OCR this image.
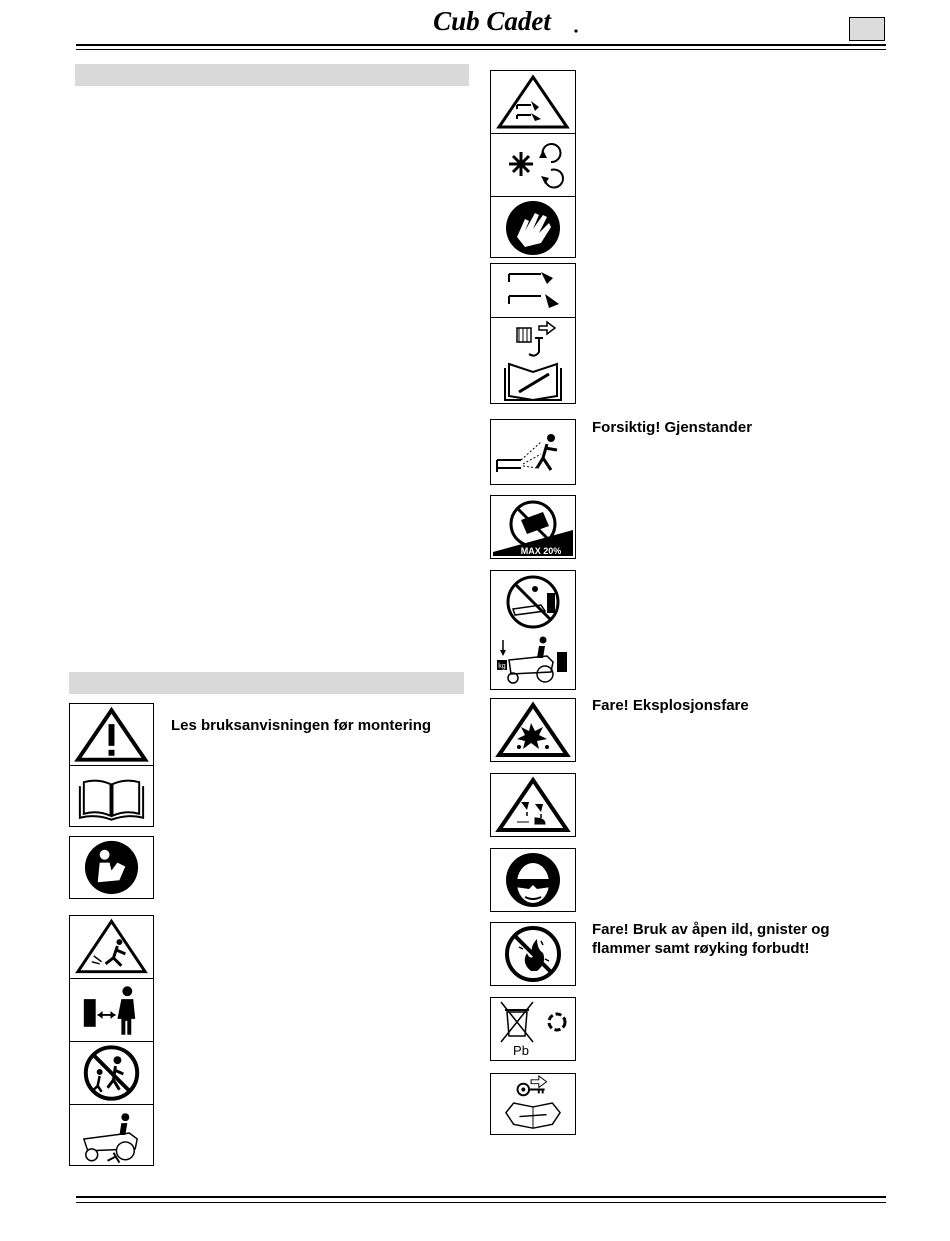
Cub Cadet
Les bruksanvisningen før montering
Forsiktig! Gjenstander
MAX 20%
kg
Fare! Eksplosjonsfare
Fare! Bruk av åpen ild, gnister og flammer samt røyking forbudt!
Pb
